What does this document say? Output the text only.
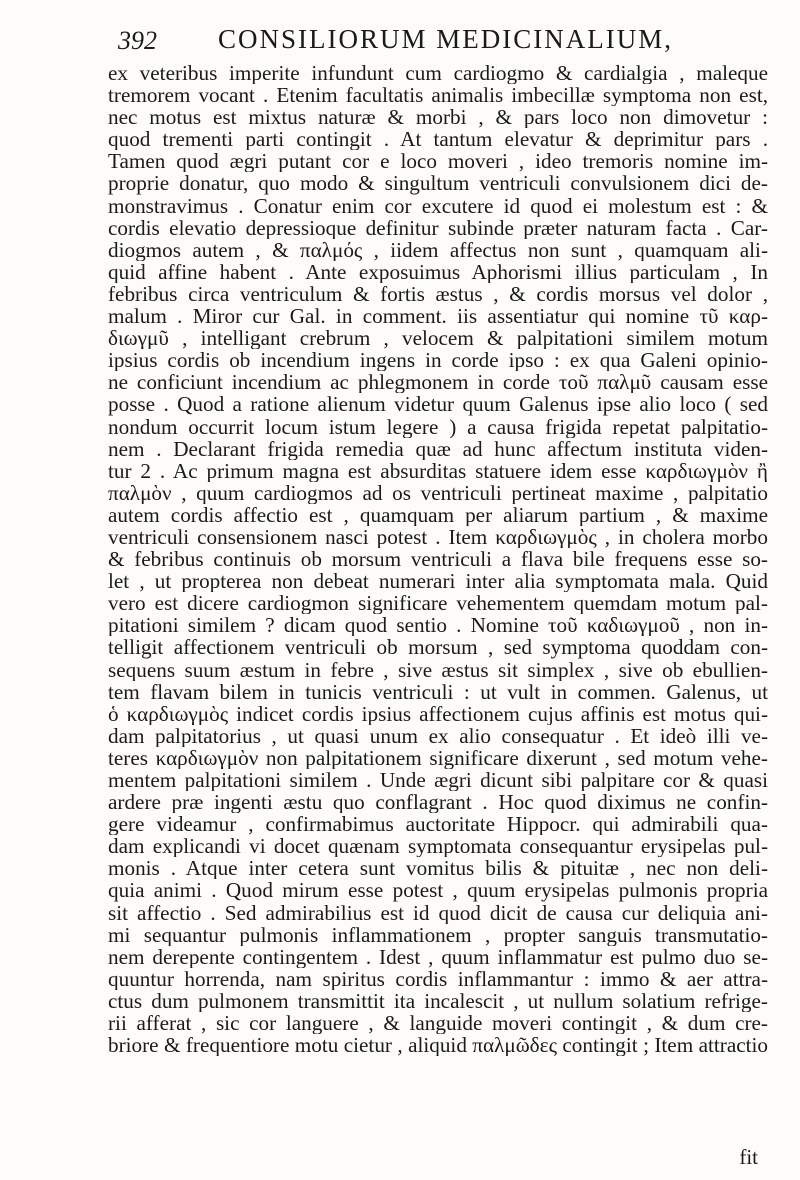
392 CONSILIORUM MEDICINALIUM,
ex veteribus imperite infundunt cum cardiogmo & cardialgia , maleque
tremorem vocant . Etenim facultatis animalis imbecillæ symptoma non est,
nec motus est mixtus naturæ & morbi , & pars loco non dimovetur :
quod trementi parti contingit . At tantum elevatur & deprimitur pars .
Tamen quod ægri putant cor e loco moveri , ideo tremoris nomine im-
proprie donatur, quo modo & singultum ventriculi convulsionem dici de-
monstravimus . Conatur enim cor excutere id quod ei molestum est : &
cordis elevatio depressioque definitur subinde præter naturam facta . Car-
diogmos autem , & παλμός , iidem affectus non sunt , quamquam ali-
quid affine habent . Ante exposuimus Aphorismi illius particulam , In
febribus circa ventriculum & fortis æstus , & cordis morsus vel dolor ,
malum . Miror cur Gal. in comment. iis assentiatur qui nomine τῦ καρ-
διωγμῦ , intelligant crebrum , velocem & palpitationi similem motum
ipsius cordis ob incendium ingens in corde ipso : ex qua Galeni opinio-
ne conficiunt incendium ac phlegmonem in corde τοῦ παλμῦ causam esse
posse . Quod a ratione alienum videtur quum Galenus ipse alio loco ( sed
nondum occurrit locum istum legere ) a causa frigida repetat palpitatio-
nem . Declarant frigida remedia quæ ad hunc affectum instituta viden-
tur 2 . Ac primum magna est absurditas statuere idem esse καρδιωγμὸν ἢ
παλμὸν , quum cardiogmos ad os ventriculi pertineat maxime , palpitatio
autem cordis affectio est , quamquam per aliarum partium , & maxime
ventriculi consensionem nasci potest . Item καρδιωγμὸς , in cholera morbo
& febribus continuis ob morsum ventriculi a flava bile frequens esse so-
let , ut propterea non debeat numerari inter alia symptomata mala. Quid
vero est dicere cardiogmon significare vehementem quemdam motum pal-
pitationi similem ? dicam quod sentio . Nomine τοῦ καδιωγμοῦ , non in-
telligit affectionem ventriculi ob morsum , sed symptoma quoddam con-
sequens suum æstum in febre , sive æstus sit simplex , sive ob ebullien-
tem flavam bilem in tunicis ventriculi : ut vult in commen. Galenus, ut
ὁ καρδιωγμὸς indicet cordis ipsius affectionem cujus affinis est motus qui-
dam palpitatorius , ut quasi unum ex alio consequatur . Et ideò illi ve-
teres καρδιωγμὸν non palpitationem significare dixerunt , sed motum vehe-
mentem palpitationi similem . Unde ægri dicunt sibi palpitare cor & quasi
ardere præ ingenti æstu quo conflagrant . Hoc quod diximus ne confin-
gere videamur , confirmabimus auctoritate Hippocr. qui admirabili qua-
dam explicandi vi docet quænam symptomata consequantur erysipelas pul-
monis . Atque inter cetera sunt vomitus bilis & pituitæ , nec non deli-
quia animi . Quod mirum esse potest , quum erysipelas pulmonis propria
sit affectio . Sed admirabilius est id quod dicit de causa cur deliquia ani-
mi sequantur pulmonis inflammationem , propter sanguis transmutatio-
nem derepente contingentem . Idest , quum inflammatur est pulmo duo se-
quuntur horrenda, nam spiritus cordis inflammantur : immo & aer attra-
ctus dum pulmonem transmittit ita incalescit , ut nullum solatium refrige-
rii afferat , sic cor languere , & languide moveri contingit , & dum cre-
briore & frequentiore motu cietur , aliquid παλμῶδες contingit ; Item attractio
fit
